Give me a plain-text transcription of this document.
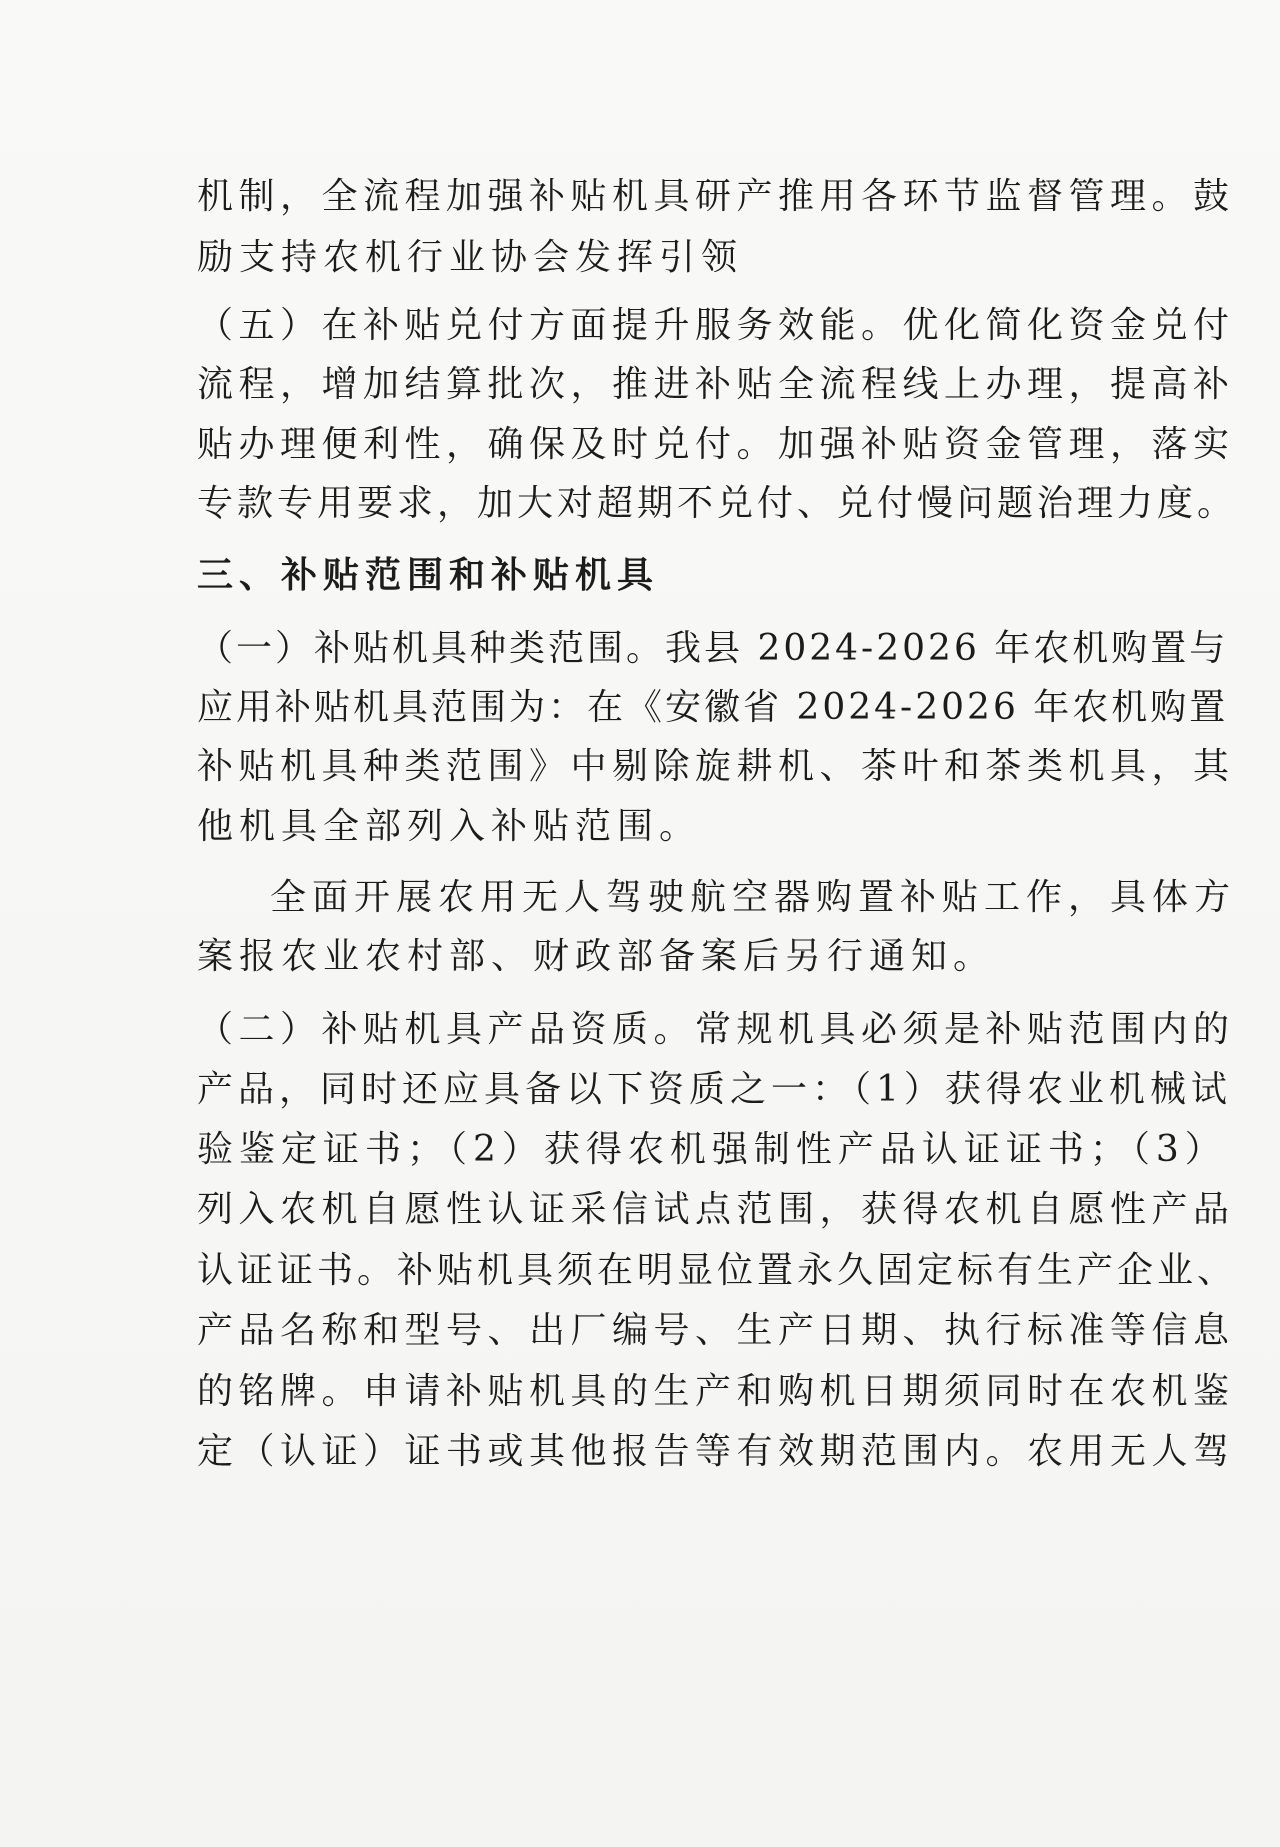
机制，全流程加强补贴机具研产推用各环节监督管理。鼓
励支持农机行业协会发挥引领
（五）在补贴兑付方面提升服务效能。优化简化资金兑付
流程，增加结算批次，推进补贴全流程线上办理，提高补
贴办理便利性，确保及时兑付。加强补贴资金管理，落实
专款专用要求，加大对超期不兑付、兑付慢问题治理力度。
三、补贴范围和补贴机具
（一）补贴机具种类范围。我县 2024-2026 年农机购置与
应用补贴机具范围为：在《安徽省 2024-2026 年农机购置
补贴机具种类范围》中剔除旋耕机、茶叶和茶类机具，其
他机具全部列入补贴范围。
全面开展农用无人驾驶航空器购置补贴工作，具体方
案报农业农村部、财政部备案后另行通知。
（二）补贴机具产品资质。常规机具必须是补贴范围内的
产品，同时还应具备以下资质之一：（1）获得农业机械试
验鉴定证书；（2）获得农机强制性产品认证证书；（3）
列入农机自愿性认证采信试点范围，获得农机自愿性产品
认证证书。补贴机具须在明显位置永久固定标有生产企业、
产品名称和型号、出厂编号、生产日期、执行标准等信息
的铭牌。申请补贴机具的生产和购机日期须同时在农机鉴
定（认证）证书或其他报告等有效期范围内。农用无人驾
